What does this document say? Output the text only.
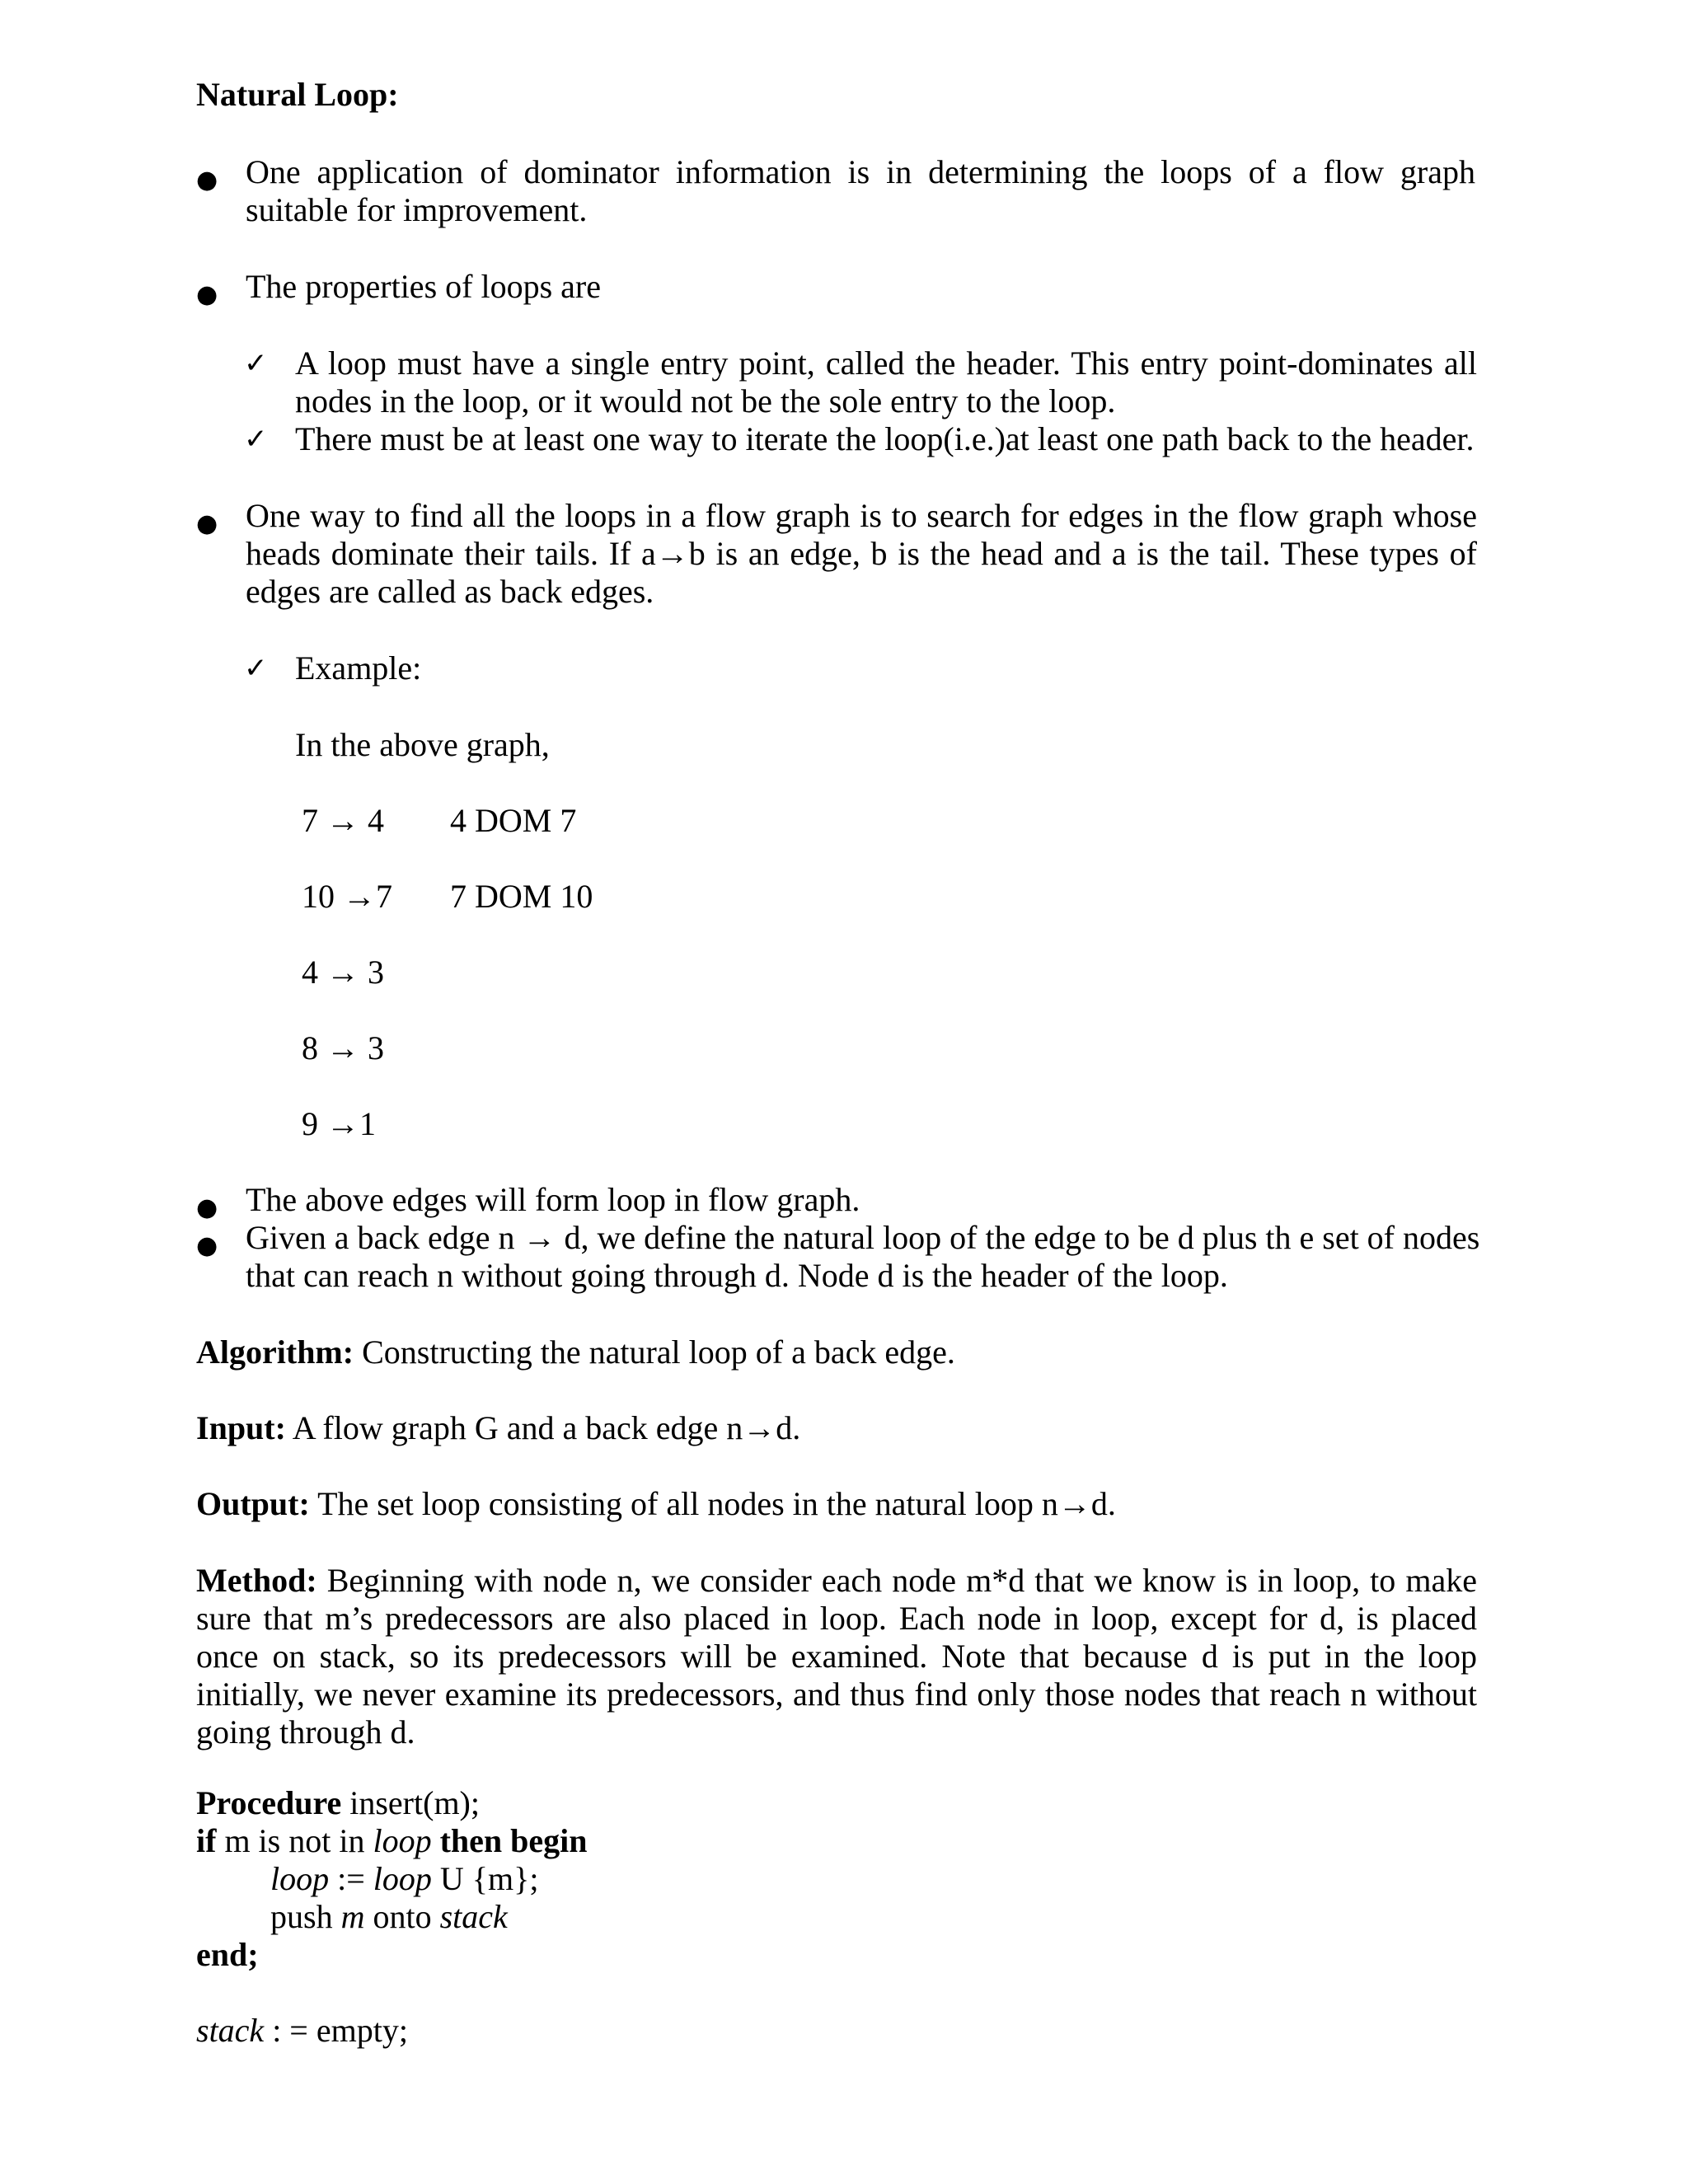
Natural Loop:
● One application of dominator information is in determining the loops of a flow graph suitable for improvement.
● The properties of loops are
✓ A loop must have a single entry point, called the header. This entry point-dominates all nodes in the loop, or it would not be the sole entry to the loop.
✓ There must be at least one way to iterate the loop(i.e.)at least one path back to the header.
● One way to find all the loops in a flow graph is to search for edges in the flow graph whose heads dominate their tails. If a→b is an edge, b is the head and a is the tail. These types of edges are called as back edges.
✓ Example:
In the above graph,
7 → 4 4 DOM 7
10 →7 7 DOM 10
4 → 3
8 → 3
9 →1
● The above edges will form loop in flow graph.
● Given a back edge n → d, we define the natural loop of the edge to be d plus th e set of nodes that can reach n without going through d. Node d is the header of the loop.
Algorithm: Constructing the natural loop of a back edge.
Input: A flow graph G and a back edge n→d.
Output: The set loop consisting of all nodes in the natural loop n→d.
Method: Beginning with node n, we consider each node m*d that we know is in loop, to make sure that m’s predecessors are also placed in loop. Each node in loop, except for d, is placed once on stack, so its predecessors will be examined. Note that because d is put in the loop initially, we never examine its predecessors, and thus find only those nodes that reach n without going through d.
Procedure insert(m);
if m is not in loop then begin
loop := loop U {m};
push m onto stack
end;
stack : = empty;
